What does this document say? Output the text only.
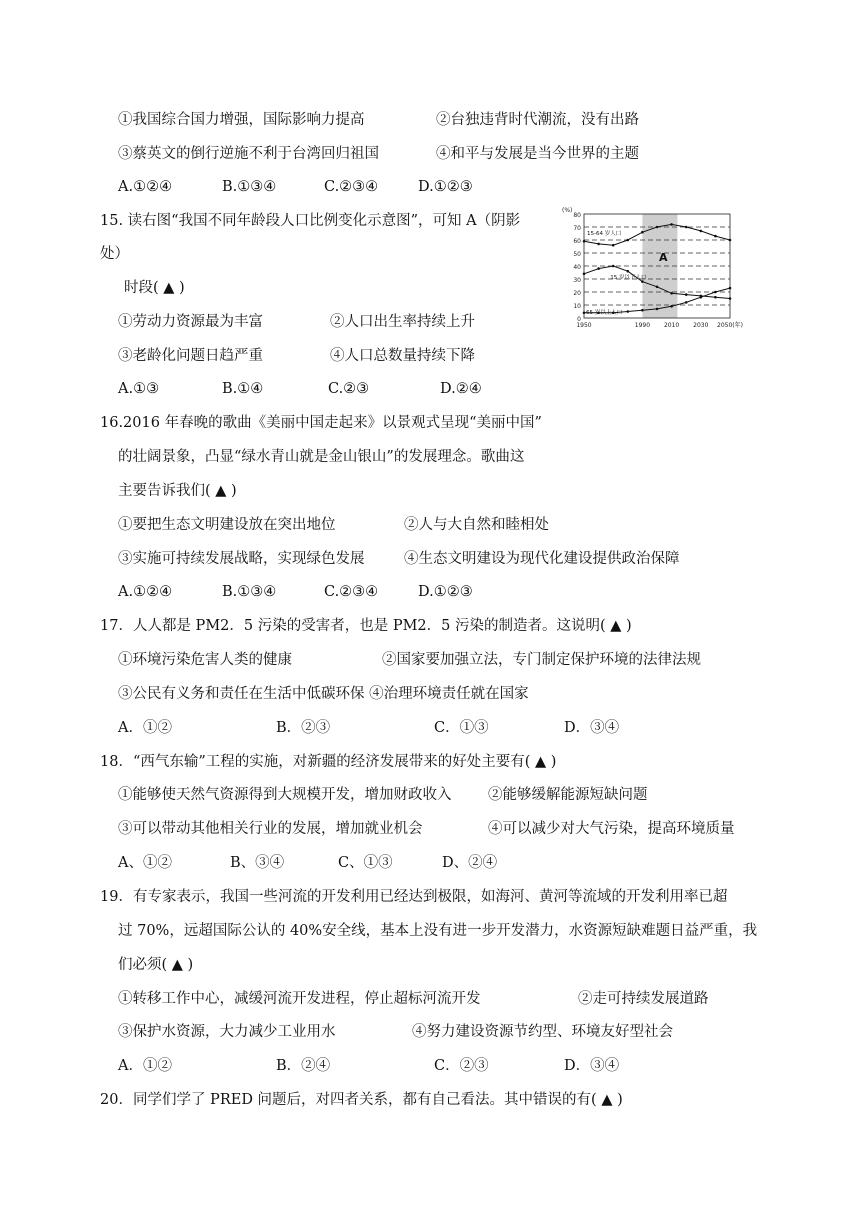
①我国综合国力增强，国际影响力提高	②台独违背时代潮流，没有出路
③蔡英文的倒行逆施不利于台湾回归祖国	④和平与发展是当今世界的主题
A.①②④	B.①③④	C.②③④	D.①②③
15. 读右图“我国不同年龄段人口比例变化示意图”，可知 A（阴影
处）
时段( ▲ )
①劳动力资源最为丰富	②人口出生率持续上升
③老龄化问题日趋严重	④人口总数量持续下降
A.①③	B.①④	C.②③	D.②④
0
10
20
30
40
50
60
70
80
(%)
1950	1990 2010 2030 2050(年)
15-64 岁人口
15 岁以下人口
65 岁以上人口
A
16.2016 年春晚的歌曲《美丽中国走起来》以景观式呈现“美丽中国”
的壮阔景象，凸显“绿水青山就是金山银山”的发展理念。歌曲这
主要告诉我们( ▲ )
①要把生态文明建设放在突出地位	②人与大自然和睦相处
③实施可持续发展战略，实现绿色发展	④生态文明建设为现代化建设提供政治保障
A.①②④	B.①③④	C.②③④	D.①②③
17．人人都是 PM2．5 污染的受害者，也是 PM2．5 污染的制造者。这说明( ▲ )
①环境污染危害人类的健康	②国家要加强立法，专门制定保护环境的法律法规
③公民有义务和责任在生活中低碳环保 ④治理环境责任就在国家
A．①②	B．②③	C．①③	D．③④
18．“西气东输”工程的实施，对新疆的经济发展带来的好处主要有( ▲ )
①能够使天然气资源得到大规模开发，增加财政收入	②能够缓解能源短缺问题
③可以带动其他相关行业的发展，增加就业机会	④可以减少对大气污染，提高环境质量
A、①②	B、③④	C、①③	D、②④
19．有专家表示，我国一些河流的开发利用已经达到极限，如海河、黄河等流域的开发利用率已超
过 70%，远超国际公认的 40%安全线，基本上没有进一步开发潜力，水资源短缺难题日益严重，我
们必须( ▲ )
①转移工作中心，减缓河流开发进程，停止超标河流开发	②走可持续发展道路
③保护水资源，大力减少工业用水	④努力建设资源节约型、环境友好型社会
A．①②	B．②④	C．②③	D．③④
20．同学们学了 PRED 问题后，对四者关系，都有自己看法。其中错误的有( ▲ )
